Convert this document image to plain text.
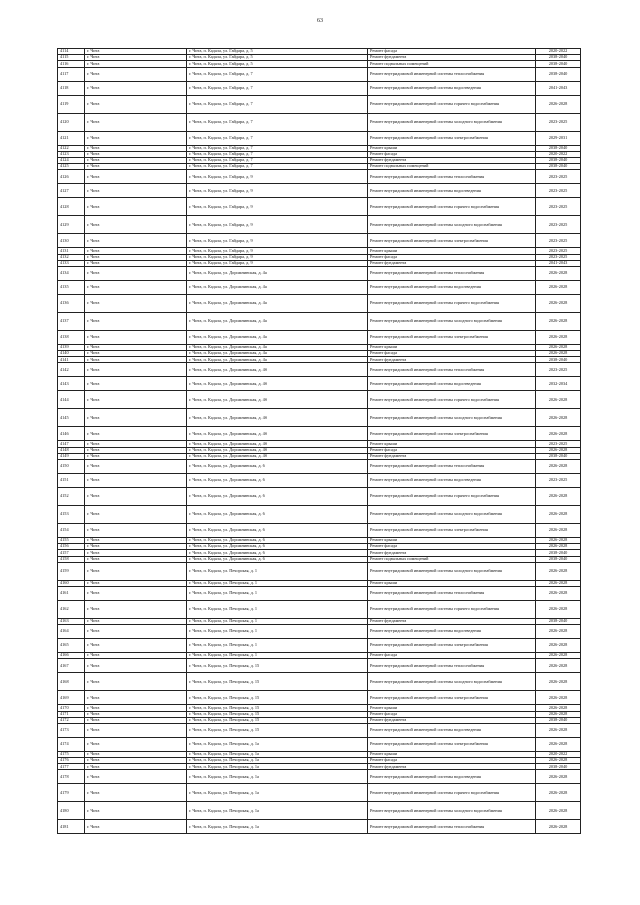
63
4114	г. Чита	г. Чита, п. Кадала, ул. Гайдара, д. 5	Ремонт фасада	2020-2022
4115	г. Чита	г. Чита, п. Кадала, ул. Гайдара, д. 5	Ремонт фундамента	2038-2040
4116	г. Чита	г. Чита, п. Кадала, ул. Гайдара, д. 5	Ремонт подвальных помещений	2038-2040
4117	г. Чита	г. Чита, п. Кадала, ул. Гайдара, д. 7	Ремонт внутридомовой инженерной системы теплоснабжения	2038-2040
4118	г. Чита	г. Чита, п. Кадала, ул. Гайдара, д. 7	Ремонт внутридомовой инженерной системы водоотведения	2041-2043
4119	г. Чита	г. Чита, п. Кадала, ул. Гайдара, д. 7	Ремонт внутридомовой инженерной системы горячего водоснабжения	2026-2028
4120	г. Чита	г. Чита, п. Кадала, ул. Гайдара, д. 7	Ремонт внутридомовой инженерной системы холодного водоснабжения	2023-2025
4121	г. Чита	г. Чита, п. Кадала, ул. Гайдара, д. 7	Ремонт внутридомовой инженерной системы электроснабжения	2029-2031
4122	г. Чита	г. Чита, п. Кадала, ул. Гайдара, д. 7	Ремонт крыши	2038-2040
4123	г. Чита	г. Чита, п. Кадала, ул. Гайдара, д. 7	Ремонт фасада	2020-2022
4124	г. Чита	г. Чита, п. Кадала, ул. Гайдара, д. 7	Ремонт фундамента	2038-2040
4125	г. Чита	г. Чита, п. Кадала, ул. Гайдара, д. 7	Ремонт подвальных помещений	2038-2040
4126	г. Чита	г. Чита, п. Кадала, ул. Гайдара, д. 9	Ремонт внутридомовой инженерной системы теплоснабжения	2023-2025
4127	г. Чита	г. Чита, п. Кадала, ул. Гайдара, д. 9	Ремонт внутридомовой инженерной системы водоотведения	2023-2025
4128	г. Чита	г. Чита, п. Кадала, ул. Гайдара, д. 9	Ремонт внутридомовой инженерной системы горячего водоснабжения	2023-2025
4129	г. Чита	г. Чита, п. Кадала, ул. Гайдара, д. 9	Ремонт внутридомовой инженерной системы холодного водоснабжения	2023-2025
4130	г. Чита	г. Чита, п. Кадала, ул. Гайдара, д. 9	Ремонт внутридомовой инженерной системы электроснабжения	2023-2025
4131	г. Чита	г. Чита, п. Кадала, ул. Гайдара, д. 9	Ремонт крыши	2023-2025
4132	г. Чита	г. Чита, п. Кадала, ул. Гайдара, д. 9	Ремонт фасада	2023-2025
4133	г. Чита	г. Чита, п. Кадала, ул. Гайдара, д. 9	Ремонт фундамента	2041-2043
4134	г. Чита	г. Чита, п. Кадала, ул. Дорожнинская, д. 4а	Ремонт внутридомовой инженерной системы теплоснабжения	2026-2028
4135	г. Чита	г. Чита, п. Кадала, ул. Дорожнинская, д. 4а	Ремонт внутридомовой инженерной системы водоотведения	2026-2028
4136	г. Чита	г. Чита, п. Кадала, ул. Дорожнинская, д. 4а	Ремонт внутридомовой инженерной системы горячего водоснабжения	2026-2028
4137	г. Чита	г. Чита, п. Кадала, ул. Дорожнинская, д. 4а	Ремонт внутридомовой инженерной системы холодного водоснабжения	2026-2028
4138	г. Чита	г. Чита, п. Кадала, ул. Дорожнинская, д. 4а	Ремонт внутридомовой инженерной системы электроснабжения	2026-2028
4139	г. Чита	г. Чита, п. Кадала, ул. Дорожнинская, д. 4а	Ремонт крыши	2026-2028
4140	г. Чита	г. Чита, п. Кадала, ул. Дорожнинская, д. 4а	Ремонт фасада	2026-2028
4141	г. Чита	г. Чита, п. Кадала, ул. Дорожнинская, д. 4а	Ремонт фундамента	2038-2040
4142	г. Чита	г. Чита, п. Кадала, ул. Дорожнинская, д. 4б	Ремонт внутридомовой инженерной системы теплоснабжения	2023-2025
4143	г. Чита	г. Чита, п. Кадала, ул. Дорожнинская, д. 4б	Ремонт внутридомовой инженерной системы водоотведения	2032-2034
4144	г. Чита	г. Чита, п. Кадала, ул. Дорожнинская, д. 4б	Ремонт внутридомовой инженерной системы горячего водоснабжения	2026-2028
4145	г. Чита	г. Чита, п. Кадала, ул. Дорожнинская, д. 4б	Ремонт внутридомовой инженерной системы холодного водоснабжения	2026-2028
4146	г. Чита	г. Чита, п. Кадала, ул. Дорожнинская, д. 4б	Ремонт внутридомовой инженерной системы электроснабжения	2026-2028
4147	г. Чита	г. Чита, п. Кадала, ул. Дорожнинская, д. 4б	Ремонт крыши	2023-2025
4148	г. Чита	г. Чита, п. Кадала, ул. Дорожнинская, д. 4б	Ремонт фасада	2026-2028
4149	г. Чита	г. Чита, п. Кадала, ул. Дорожнинская, д. 4б	Ремонт фундамента	2038-2040
4150	г. Чита	г. Чита, п. Кадала, ул. Дорожнинская, д. 6	Ремонт внутридомовой инженерной системы теплоснабжения	2026-2028
4151	г. Чита	г. Чита, п. Кадала, ул. Дорожнинская, д. 6	Ремонт внутридомовой инженерной системы водоотведения	2023-2025
4152	г. Чита	г. Чита, п. Кадала, ул. Дорожнинская, д. 6	Ремонт внутридомовой инженерной системы горячего водоснабжения	2026-2028
4153	г. Чита	г. Чита, п. Кадала, ул. Дорожнинская, д. 6	Ремонт внутридомовой инженерной системы холодного водоснабжения	2026-2028
4154	г. Чита	г. Чита, п. Кадала, ул. Дорожнинская, д. 6	Ремонт внутридомовой инженерной системы электроснабжения	2026-2028
4155	г. Чита	г. Чита, п. Кадала, ул. Дорожнинская, д. 6	Ремонт крыши	2026-2028
4156	г. Чита	г. Чита, п. Кадала, ул. Дорожнинская, д. 6	Ремонт фасада	2026-2028
4157	г. Чита	г. Чита, п. Кадала, ул. Дорожнинская, д. 6	Ремонт фундамента	2038-2040
4158	г. Чита	г. Чита, п. Кадала, ул. Дорожнинская, д. 6	Ремонт подвальных помещений	2038-2040
4159	г. Чита	г. Чита, п. Кадала, ул. Печорская, д. 1	Ремонт внутридомовой инженерной системы холодного водоснабжения	2026-2028
4160	г. Чита	г. Чита, п. Кадала, ул. Печорская, д. 1	Ремонт крыши	2026-2028
4161	г. Чита	г. Чита, п. Кадала, ул. Печорская, д. 1	Ремонт внутридомовой инженерной системы теплоснабжения	2026-2028
4162	г. Чита	г. Чита, п. Кадала, ул. Печорская, д. 1	Ремонт внутридомовой инженерной системы горячего водоснабжения	2026-2028
4163	г. Чита	г. Чита, п. Кадала, ул. Печорская, д. 1	Ремонт фундамента	2038-2040
4164	г. Чита	г. Чита, п. Кадала, ул. Печорская, д. 1	Ремонт внутридомовой инженерной системы водоотведения	2026-2028
4165	г. Чита	г. Чита, п. Кадала, ул. Печорская, д. 1	Ремонт внутридомовой инженерной системы электроснабжения	2026-2028
4166	г. Чита	г. Чита, п. Кадала, ул. Печорская, д. 1	Ремонт фасада	2026-2028
4167	г. Чита	г. Чита, п. Кадала, ул. Печорская, д. 15	Ремонт внутридомовой инженерной системы теплоснабжения	2026-2028
4168	г. Чита	г. Чита, п. Кадала, ул. Печорская, д. 15	Ремонт внутридомовой инженерной системы холодного водоснабжения	2026-2028
4169	г. Чита	г. Чита, п. Кадала, ул. Печорская, д. 15	Ремонт внутридомовой инженерной системы электроснабжения	2026-2028
4170	г. Чита	г. Чита, п. Кадала, ул. Печорская, д. 15	Ремонт крыши	2026-2028
4171	г. Чита	г. Чита, п. Кадала, ул. Печорская, д. 15	Ремонт фасада	2026-2028
4172	г. Чита	г. Чита, п. Кадала, ул. Печорская, д. 15	Ремонт фундамента	2038-2040
4173	г. Чита	г. Чита, п. Кадала, ул. Печорская, д. 15	Ремонт внутридомовой инженерной системы водоотведения	2026-2028
4174	г. Чита	г. Чита, п. Кадала, ул. Печорская, д. 1а	Ремонт внутридомовой инженерной системы электроснабжения	2026-2028
4175	г. Чита	г. Чита, п. Кадала, ул. Печорская, д. 1а	Ремонт крыши	2020-2022
4176	г. Чита	г. Чита, п. Кадала, ул. Печорская, д. 1а	Ремонт фасада	2026-2028
4177	г. Чита	г. Чита, п. Кадала, ул. Печорская, д. 1а	Ремонт фундамента	2038-2040
4178	г. Чита	г. Чита, п. Кадала, ул. Печорская, д. 1а	Ремонт внутридомовой инженерной системы водоотведения	2026-2028
4179	г. Чита	г. Чита, п. Кадала, ул. Печорская, д. 1а	Ремонт внутридомовой инженерной системы горячего водоснабжения	2026-2028
4180	г. Чита	г. Чита, п. Кадала, ул. Печорская, д. 1а	Ремонт внутридомовой инженерной системы холодного водоснабжения	2026-2028
4181	г. Чита	г. Чита, п. Кадала, ул. Печорская, д. 1а	Ремонт внутридомовой инженерной системы теплоснабжения	2026-2028
